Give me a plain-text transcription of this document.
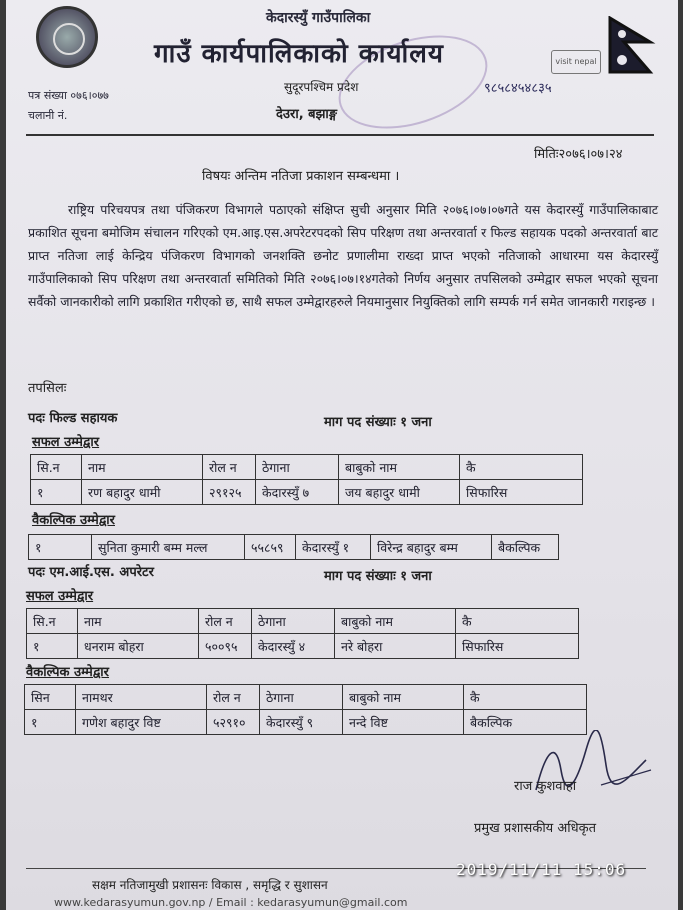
visit nepal
केदारस्युँ गाउँपालिका
गाउँ कार्यपालिकाको कार्यालय
सुदूरपश्चिम प्रदेश
देउरा, बझाङ्ग
९८५८४५४८३५
पत्र संख्या ०७६।०७७
चलानी नं.
मितिः२०७६।०७।२४
विषयः अन्तिम नतिजा प्रकाशन सम्बन्धमा ।
राष्ट्रिय परिचयपत्र तथा पंजिकरण विभागले पठाएको संक्षिप्त सुची अनुसार मिति २०७६।०७।०७गते यस केदारस्युँ गाउँपालिकाबाट प्रकाशित सूचना बमोजिम संचालन गरिएको एम.आइ.एस.अपरेटरपदको सिप परिक्षण तथा अन्तरवार्ता र फिल्ड सहायक पदको अन्तरवार्ता बाट प्राप्त नतिजा लाई केन्द्रिय पंजिकरण विभागको जनशक्ति छनोट प्रणालीमा राख्दा प्राप्त भएको नतिजाको आधारमा यस केदारस्युँ गाउँपालिकाको सिप परिक्षण तथा अन्तरवार्ता समितिको मिति २०७६।०७।१४गतेको निर्णय अनुसार तपसिलको उम्मेद्वार सफल भएको सूचना सर्वैको जानकारीको लागि प्रकाशित गरीएको छ, साथै सफल उम्मेद्वारहरुले नियमानुसार नियुक्तिको लागि सम्पर्क गर्न समेत जानकारी गराइन्छ ।
तपसिलः
पदः फिल्ड सहायक	माग पद संख्याः १ जना
सफल उम्मेद्वार
सि.न	नाम	रोल न	ठेगाना	बाबुको नाम	कै
१	रण बहादुर धामी	२९१२५	केदारस्युँ ७	जय बहादुर धामी	सिफारिस
वैकल्पिक उम्मेद्वार
१	सुनिता कुमारी बम्म मल्ल	५५८५९	केदारस्युँ १	विरेन्द्र बहादुर बम्म	बैकल्पिक
पदः एम.आई.एस. अपरेटर	माग पद संख्याः १ जना
सफल उम्मेद्वार
सि.न	नाम	रोल न	ठेगाना	बाबुको नाम	कै
१	धनराम बोहरा	५००९५	केदारस्युँ ४	नरे बोहरा	सिफारिस
वैकल्पिक उम्मेद्वार
सिन	नामथर	रोल न	ठेगाना	बाबुको नाम	कै
१	गणेश बहादुर विष्ट	५२९१०	केदारस्युँ ९	नन्दे विष्ट	बैकल्पिक
राज कुशवाहा
प्रमुख प्रशासकीय अधिकृत
सक्षम नतिजामुखी प्रशासनः विकास , समृद्धि र सुशासन
www.kedarasyumun.gov.np / Email : kedarasyumun@gmail.com
2019/11/11 15:06
